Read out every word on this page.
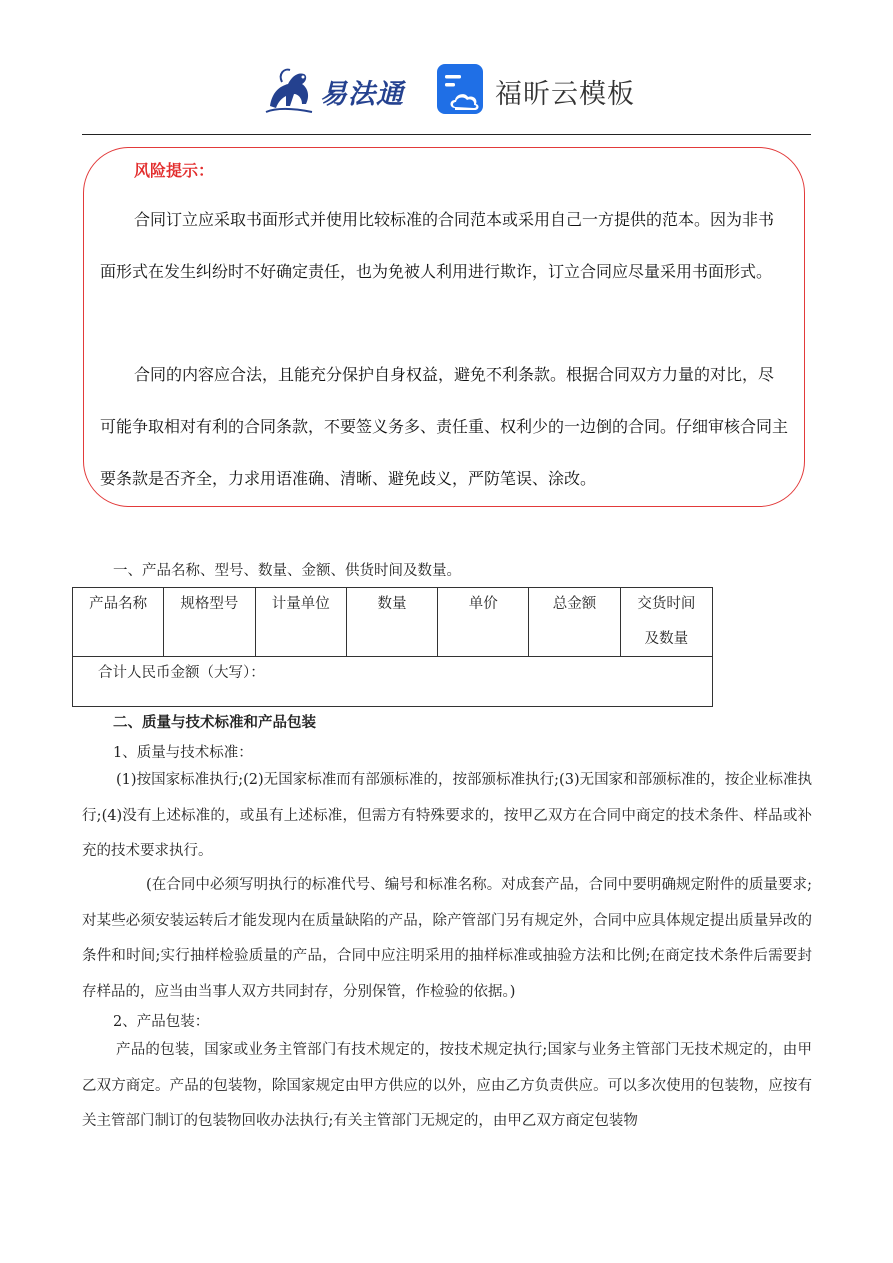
易法通	福昕云模板
风险提示：

合同订立应采取书面形式并使用比较标准的合同范本或采用自己一方提供的范本。因为非书面形式在发生纠纷时不好确定责任，也为免被人利用进行欺诈，订立合同应尽量采用书面形式。

合同的内容应合法，且能充分保护自身权益，避免不利条款。根据合同双方力量的对比，尽可能争取相对有利的合同条款，不要签义务多、责任重、权利少的一边倒的合同。仔细审核合同主要条款是否齐全，力求用语准确、清晰、避免歧义，严防笔误、涂改。

一、产品名称、型号、数量、金额、供货时间及数量。

产品名称	规格型号	计量单位	数量	单价	总金额	交货时间
及数量

合计人民币金额（大写）：

二、质量与技术标准和产品包装

1、质量与技术标准：

(1)按国家标准执行;(2)无国家标准而有部颁标准的，按部颁标准执行;(3)无国家和部颁标准的，按企业标准执行;(4)没有上述标准的，或虽有上述标准，但需方有特殊要求的，按甲乙双方在合同中商定的技术条件、样品或补充的技术要求执行。

(在合同中必须写明执行的标准代号、编号和标准名称。对成套产品，合同中要明确规定附件的质量要求;对某些必须安装运转后才能发现内在质量缺陷的产品，除产管部门另有规定外，合同中应具体规定提出质量异改的条件和时间;实行抽样检验质量的产品，合同中应注明采用的抽样标准或抽验方法和比例;在商定技术条件后需要封存样品的，应当由当事人双方共同封存，分别保管，作检验的依据。)

2、产品包装：

产品的包装，国家或业务主管部门有技术规定的，按技术规定执行;国家与业务主管部门无技术规定的，由甲乙双方商定。产品的包装物，除国家规定由甲方供应的以外，应由乙方负责供应。可以多次使用的包装物，应按有关主管部门制订的包装物回收办法执行;有关主管部门无规定的，由甲乙双方商定包装物
